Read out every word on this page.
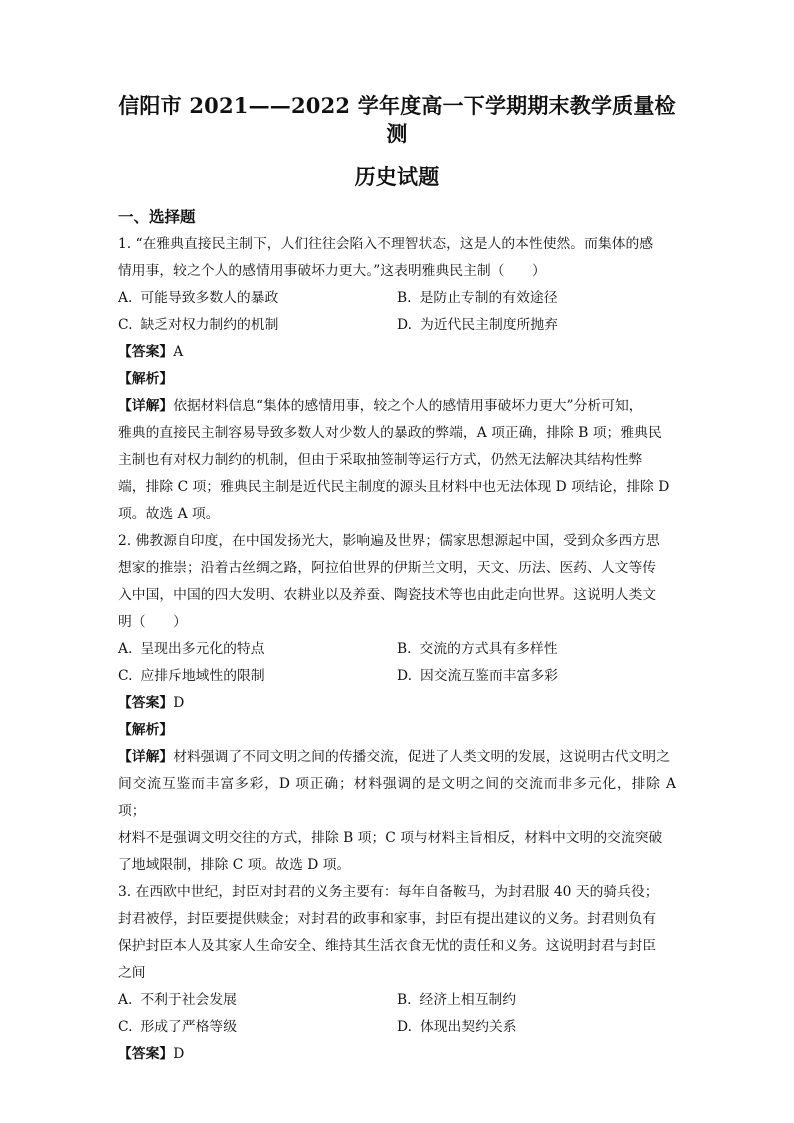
信阳市 2021——2022 学年度高一下学期期末教学质量检测
历史试题
一、选择题

1. “在雅典直接民主制下，人们往往会陷入不理智状态，这是人的本性使然。而集体的感

情用事，较之个人的感情用事破坏力更大。”这表明雅典民主制（　　）

A. 可能导致多数人的暴政	B. 是防止专制的有效途径
C. 缺乏对权力制约的机制	D. 为近代民主制度所抛弃

【答案】A

【解析】

【详解】依据材料信息“集体的感情用事，较之个人的感情用事破坏力更大”分析可知，

雅典的直接民主制容易导致多数人对少数人的暴政的弊端，A 项正确，排除 B 项；雅典民

主制也有对权力制约的机制，但由于采取抽签制等运行方式，仍然无法解决其结构性弊

端，排除 C 项；雅典民主制是近代民主制度的源头且材料中也无法体现 D 项结论，排除 D

项。故选 A 项。

2. 佛教源自印度，在中国发扬光大，影响遍及世界；儒家思想源起中国，受到众多西方思

想家的推崇；沿着古丝绸之路，阿拉伯世界的伊斯兰文明，天文、历法、医药、人文等传

入中国，中国的四大发明、农耕业以及养蚕、陶瓷技术等也由此走向世界。这说明人类文

明（　　）

A. 呈现出多元化的特点	B. 交流的方式具有多样性
C. 应排斥地域性的限制	D. 因交流互鉴而丰富多彩

【答案】D

【解析】

【详解】材料强调了不同文明之间的传播交流，促进了人类文明的发展，这说明古代文明之

间交流互鉴而丰富多彩，D 项正确；材料强调的是文明之间的交流而非多元化，排除 A 项；

材料不是强调文明交往的方式，排除 B 项；C 项与材料主旨相反，材料中文明的交流突破

了地域限制，排除 C 项。故选 D 项。

3. 在西欧中世纪，封臣对封君的义务主要有：每年自备鞍马，为封君服 40 天的骑兵役；

封君被俘，封臣要提供赎金；对封君的政事和家事，封臣有提出建议的义务。封君则负有

保护封臣本人及其家人生命安全、维持其生活衣食无忧的责任和义务。这说明封君与封臣

之间

A. 不利于社会发展	B. 经济上相互制约
C. 形成了严格等级	D. 体现出契约关系

【答案】D
